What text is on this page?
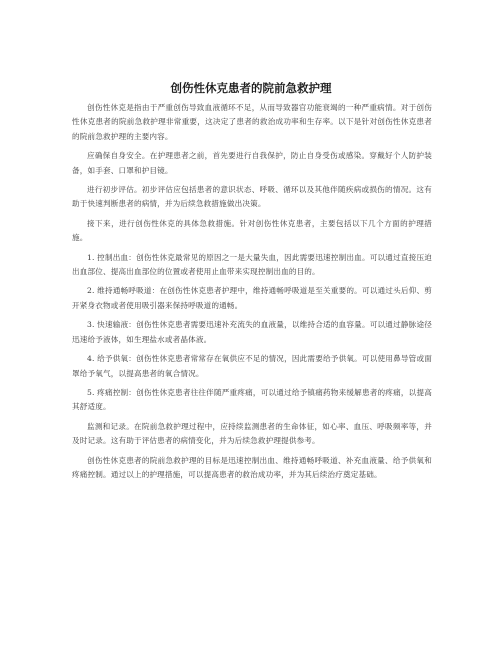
创伤性休克患者的院前急救护理

创伤性休克是指由于严重创伤导致血液循环不足，从而导致器官功能衰竭的一种严重病情。对于创伤性休克患者的院前急救护理非常重要，这决定了患者的救治成功率和生存率。以下是针对创伤性休克患者的院前急救护理的主要内容。

应确保自身安全。在护理患者之前，首先要进行自我保护，防止自身受伤或感染。穿戴好个人防护装备，如手套、口罩和护目镜。

进行初步评估。初步评估应包括患者的意识状态、呼吸、循环以及其他伴随疾病或损伤的情况。这有助于快速判断患者的病情，并为后续急救措施做出决策。

接下来，进行创伤性休克的具体急救措施。针对创伤性休克患者，主要包括以下几个方面的护理措施。

1. 控制出血：创伤性休克最常见的原因之一是大量失血，因此需要迅速控制出血。可以通过直接压迫出血部位、提高出血部位的位置或者使用止血带来实现控制出血的目的。

2. 维持通畅呼吸道：在创伤性休克患者护理中，维持通畅呼吸道是至关重要的。可以通过头后仰、剪开紧身衣物或者使用吸引器来保持呼吸道的通畅。

3. 快速输液：创伤性休克患者需要迅速补充流失的血液量，以维持合适的血容量。可以通过静脉途径迅速给予液体，如生理盐水或者晶体液。

4. 给予供氧：创伤性休克患者常常存在氧供应不足的情况，因此需要给予供氧。可以使用鼻导管或面罩给予氧气，以提高患者的氧合情况。

5. 疼痛控制：创伤性休克患者往往伴随严重疼痛，可以通过给予镇痛药物来缓解患者的疼痛，以提高其舒适度。

监测和记录。在院前急救护理过程中，应持续监测患者的生命体征，如心率、血压、呼吸频率等，并及时记录。这有助于评估患者的病情变化，并为后续急救护理提供参考。

创伤性休克患者的院前急救护理的目标是迅速控制出血、维持通畅呼吸道、补充血液量、给予供氧和疼痛控制。通过以上的护理措施，可以提高患者的救治成功率，并为其后续治疗奠定基础。
